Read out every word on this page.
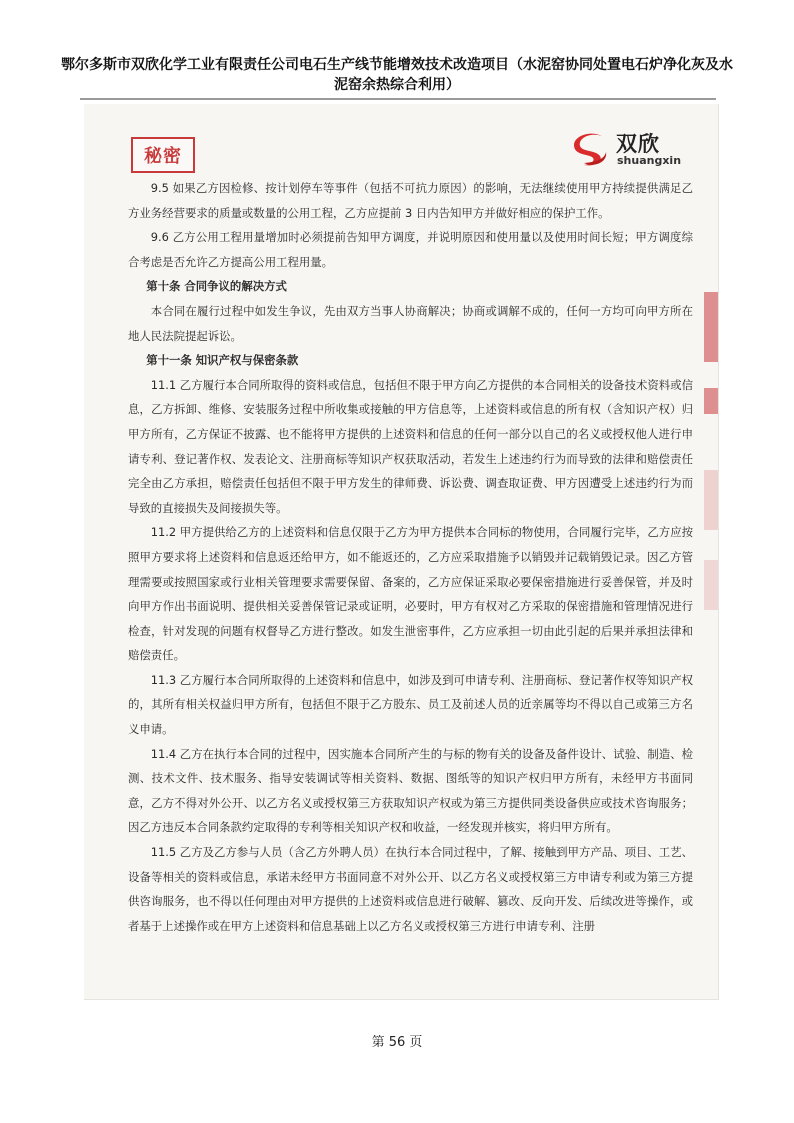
鄂尔多斯市双欣化学工业有限责任公司电石生产线节能增效技术改造项目（水泥窑协同处置电石炉净化灰及水泥窑余热综合利用）
秘密
双欣
shuangxin

9.5 如果乙方因检修、按计划停车等事件（包括不可抗力原因）的影响，无法继续使用甲方持续提供满足乙方业务经营要求的质量或数量的公用工程，乙方应提前 3 日内告知甲方并做好相应的保护工作。

9.6 乙方公用工程用量增加时必须提前告知甲方调度，并说明原因和使用量以及使用时间长短；甲方调度综合考虑是否允许乙方提高公用工程用量。

第十条 合同争议的解决方式

本合同在履行过程中如发生争议，先由双方当事人协商解决；协商或调解不成的，任何一方均可向甲方所在地人民法院提起诉讼。

第十一条 知识产权与保密条款

11.1 乙方履行本合同所取得的资料或信息，包括但不限于甲方向乙方提供的本合同相关的设备技术资料或信息，乙方拆卸、维修、安装服务过程中所收集或接触的甲方信息等，上述资料或信息的所有权（含知识产权）归甲方所有，乙方保证不披露、也不能将甲方提供的上述资料和信息的任何一部分以自己的名义或授权他人进行申请专利、登记著作权、发表论文、注册商标等知识产权获取活动，若发生上述违约行为而导致的法律和赔偿责任完全由乙方承担，赔偿责任包括但不限于甲方发生的律师费、诉讼费、调查取证费、甲方因遭受上述违约行为而导致的直接损失及间接损失等。

11.2 甲方提供给乙方的上述资料和信息仅限于乙方为甲方提供本合同标的物使用，合同履行完毕，乙方应按照甲方要求将上述资料和信息返还给甲方，如不能返还的，乙方应采取措施予以销毁并记载销毁记录。因乙方管理需要或按照国家或行业相关管理要求需要保留、备案的，乙方应保证采取必要保密措施进行妥善保管，并及时向甲方作出书面说明、提供相关妥善保管记录或证明，必要时，甲方有权对乙方采取的保密措施和管理情况进行检查，针对发现的问题有权督导乙方进行整改。如发生泄密事件，乙方应承担一切由此引起的后果并承担法律和赔偿责任。

11.3 乙方履行本合同所取得的上述资料和信息中，如涉及到可申请专利、注册商标、登记著作权等知识产权的，其所有相关权益归甲方所有，包括但不限于乙方股东、员工及前述人员的近亲属等均不得以自己或第三方名义申请。

11.4 乙方在执行本合同的过程中，因实施本合同所产生的与标的物有关的设备及备件设计、试验、制造、检测、技术文件、技术服务、指导安装调试等相关资料、数据、图纸等的知识产权归甲方所有，未经甲方书面同意，乙方不得对外公开、以乙方名义或授权第三方获取知识产权或为第三方提供同类设备供应或技术咨询服务；因乙方违反本合同条款约定取得的专利等相关知识产权和收益，一经发现并核实，将归甲方所有。

11.5 乙方及乙方参与人员（含乙方外聘人员）在执行本合同过程中，了解、接触到甲方产品、项目、工艺、设备等相关的资料或信息，承诺未经甲方书面同意不对外公开、以乙方名义或授权第三方申请专利或为第三方提供咨询服务，也不得以任何理由对甲方提供的上述资料或信息进行破解、篡改、反向开发、后续改进等操作，或者基于上述操作或在甲方上述资料和信息基础上以乙方名义或授权第三方进行申请专利、注册

第 56 页
